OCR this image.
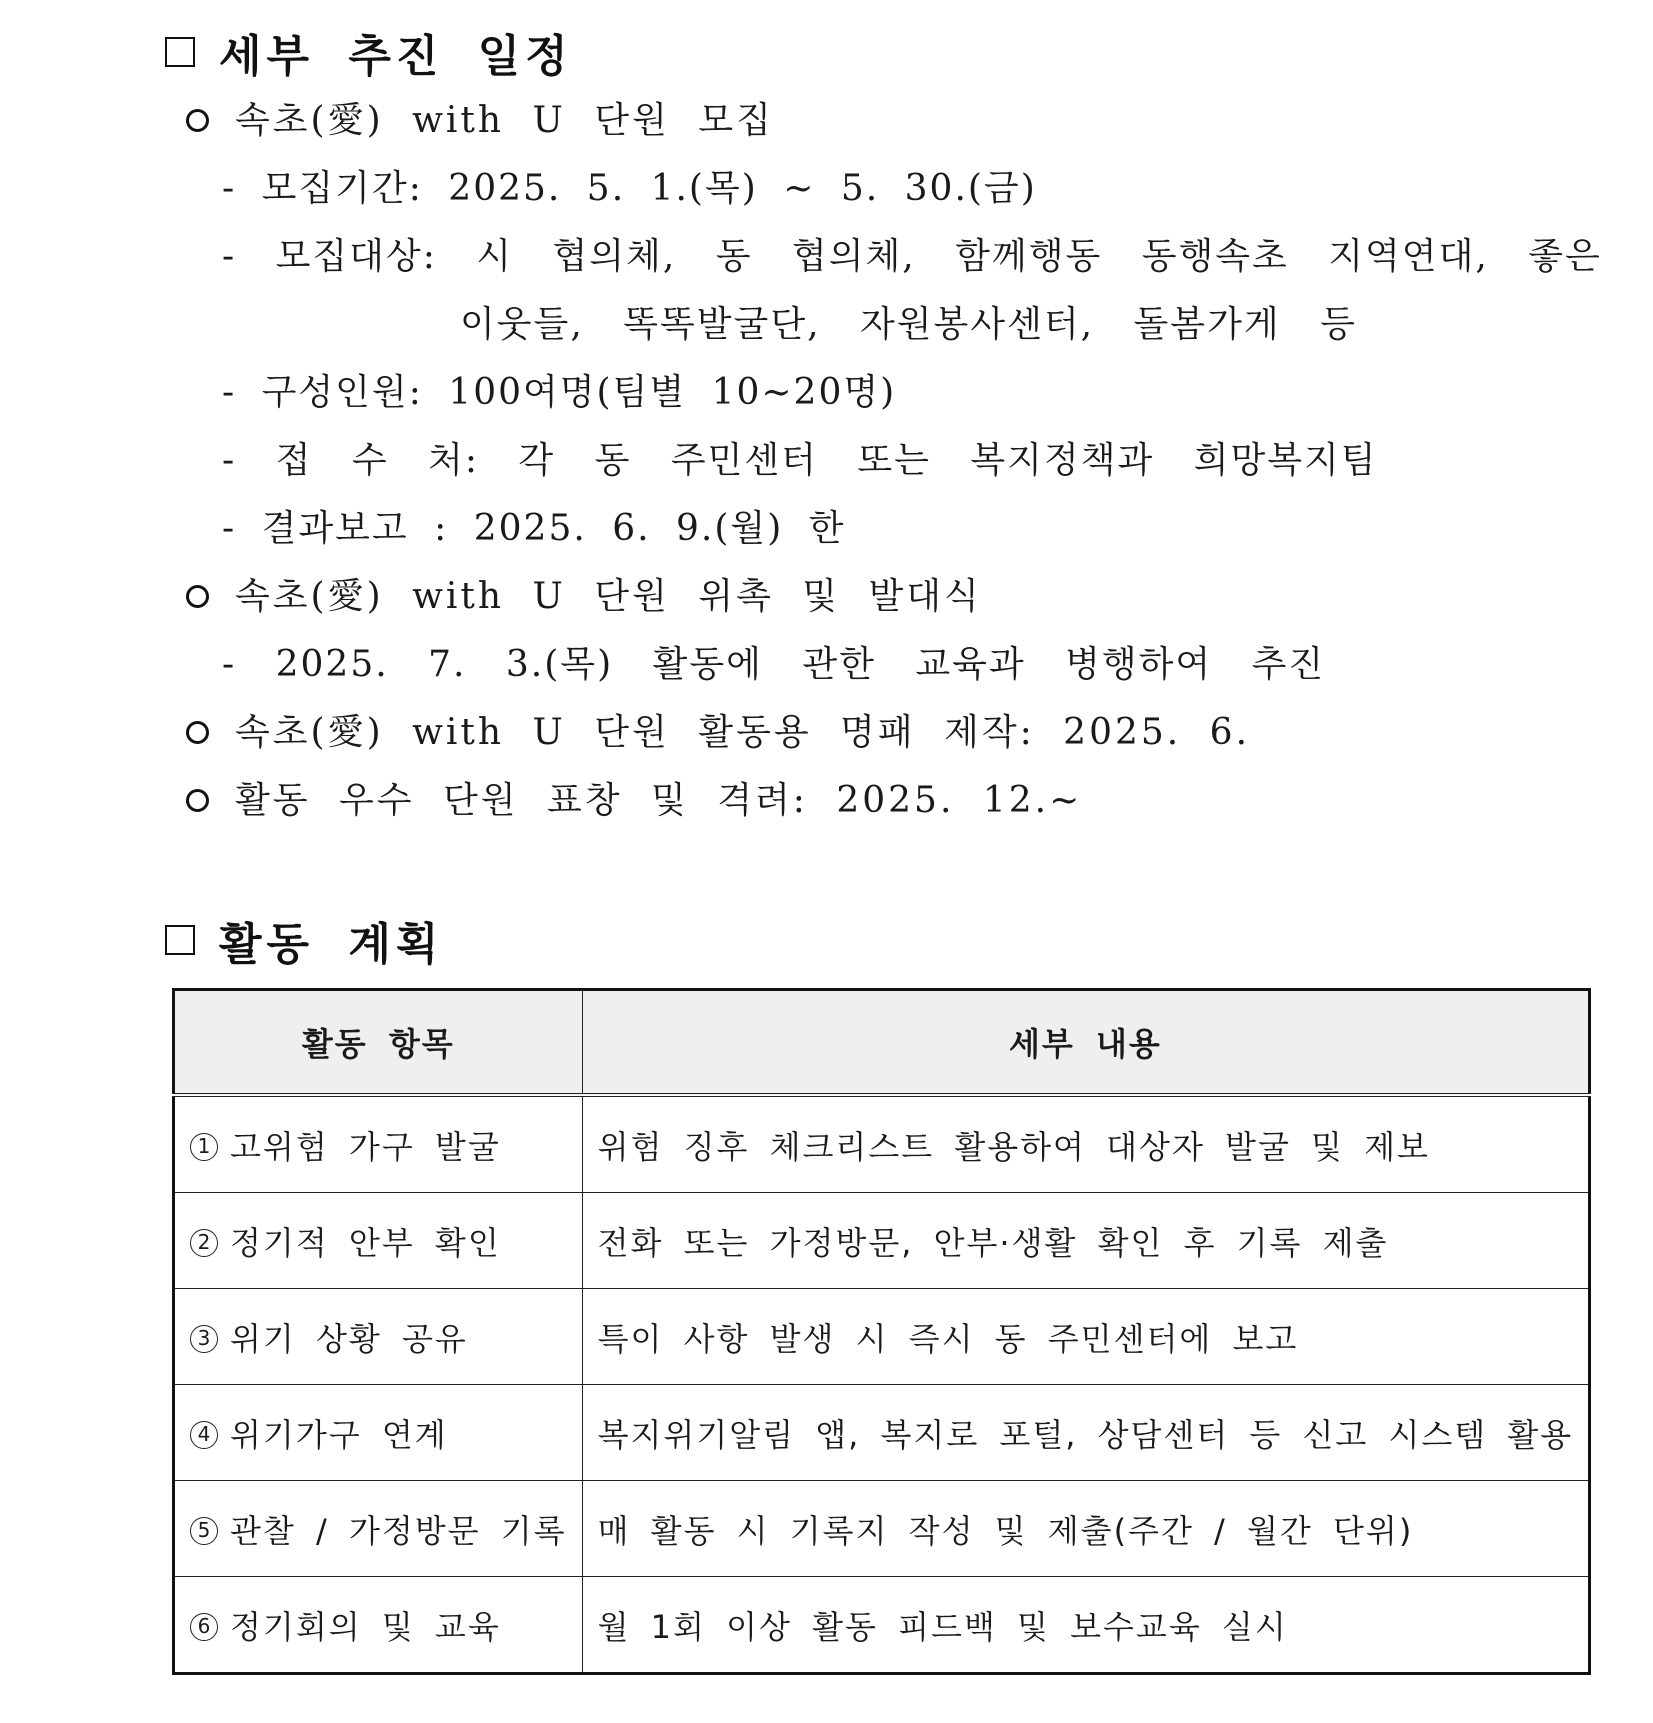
세부 추진 일정
속초(愛) with U 단원 모집
- 모집기간: 2025. 5. 1.(목) ~ 5. 30.(금)
- 모집대상: 시 협의체, 동 협의체, 함께행동 동행속초 지역연대, 좋은
이웃들, 똑똑발굴단, 자원봉사센터, 돌봄가게 등
- 구성인원: 100여명(팀별 10~20명)
- 접 수 처: 각 동 주민센터 또는 복지정책과 희망복지팀
- 결과보고 : 2025. 6. 9.(월) 한
속초(愛) with U 단원 위촉 및 발대식
- 2025. 7. 3.(목) 활동에 관한 교육과 병행하여 추진
속초(愛) with U 단원 활동용 명패 제작: 2025. 6.
활동 우수 단원 표창 및 격려: 2025. 12.~
활동 계획
활동 항목	세부 내용
1 고위험 가구 발굴	위험 징후 체크리스트 활용하여 대상자 발굴 및 제보
2 정기적 안부 확인	전화 또는 가정방문, 안부·생활 확인 후 기록 제출
3 위기 상황 공유	특이 사항 발생 시 즉시 동 주민센터에 보고
4 위기가구 연계	복지위기알림 앱, 복지로 포털, 상담센터 등 신고 시스템 활용
5 관찰 / 가정방문 기록	매 활동 시 기록지 작성 및 제출(주간 / 월간 단위)
6 정기회의 및 교육	월 1회 이상 활동 피드백 및 보수교육 실시
